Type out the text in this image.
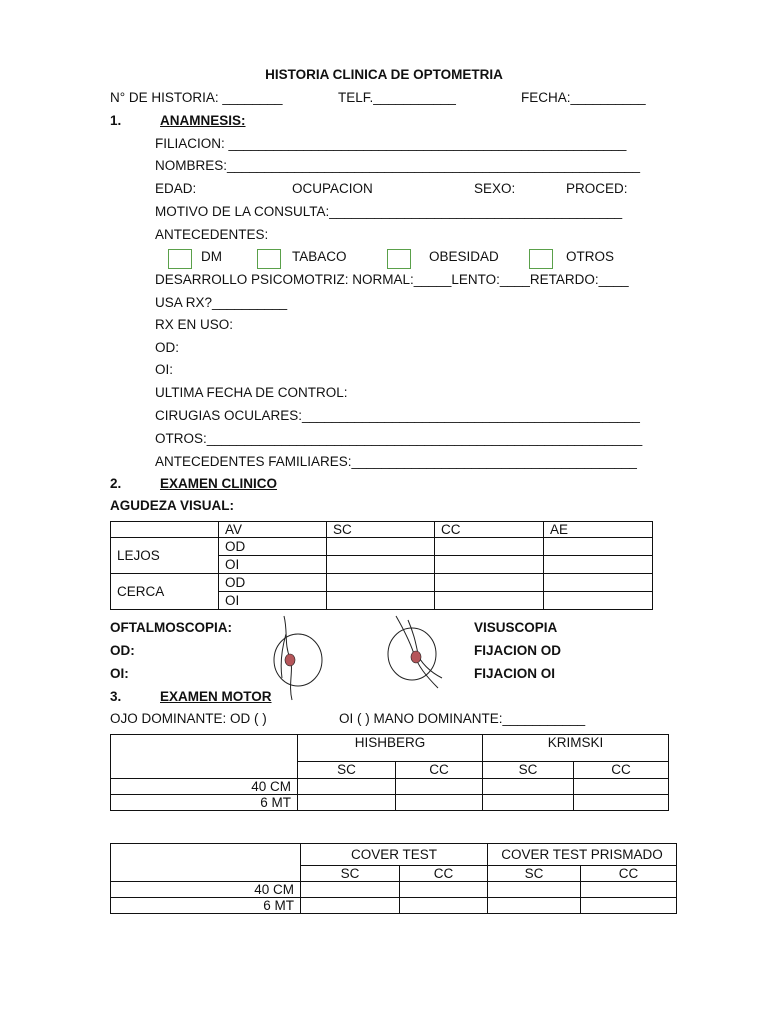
HISTORIA CLINICA DE OPTOMETRIA
N° DE HISTORIA: ________	TELF.___________	FECHA:__________
1.	ANAMNESIS:
FILIACION: _____________________________________________________
NOMBRES:_______________________________________________________
EDAD:	OCUPACION	SEXO:	PROCED:
MOTIVO DE LA CONSULTA:_______________________________________
ANTECEDENTES:
DM	TABACO	OBESIDAD	OTROS
DESARROLLO PSICOMOTRIZ: NORMAL:_____LENTO:____RETARDO:____
USA RX?__________
RX EN USO:
OD:
OI:
ULTIMA FECHA DE CONTROL:
CIRUGIAS OCULARES:_____________________________________________
OTROS:__________________________________________________________
ANTECEDENTES FAMILIARES:______________________________________
2.	EXAMEN CLINICO
AGUDEZA VISUAL:
	AV	SC	CC	AE
LEJOS	OD			
	OI			
CERCA	OD			
	OI			
OFTALMOSCOPIA:
OD:
OI:
VISUSCOPIA
FIJACION OD
FIJACION OI
3.	EXAMEN MOTOR
OJO DOMINANTE: OD ( )	OI ( ) MANO DOMINANTE:___________
	HISHBERG		KRIMSKI	
	SC	CC	SC	CC
40 CM				
6 MT				
	COVER TEST		COVER TEST PRISMADO	
	SC	CC	SC	CC
40 CM				
6 MT				
